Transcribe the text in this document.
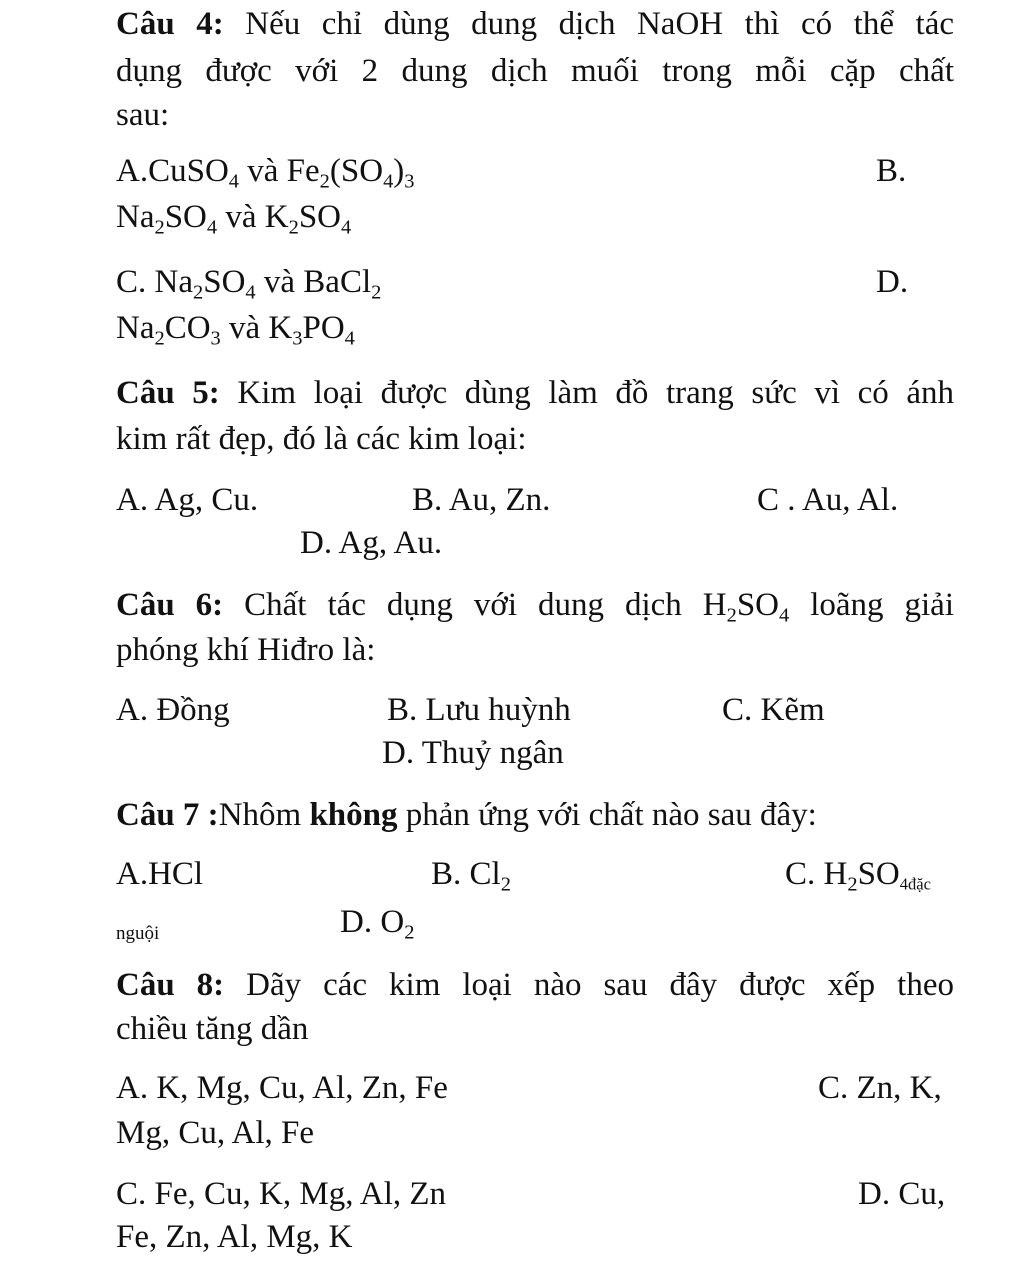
Câu 4: Nếu chỉ dùng dung dịch NaOH thì có thể tác
dụng được với 2 dung dịch muối trong mỗi cặp chất
sau:
A.CuSO$_4$ và $Fe_2(SO_4)_3$	B.
$Na_2SO_4$ và $K_2SO_4$
C. $Na_2SO_4$ và BaCl$_2$	D.
$Na_2CO_3$ và $K_3PO_4$
Câu 5: Kim loại được dùng làm đồ trang sức vì có ánh
kim rất đẹp, đó là các kim loại:
A. Ag, Cu.	B. Au, Zn.	C . Au, Al.
D. Ag, Au.
Câu 6: Chất tác dụng với dung dịch $H_2SO_4$ loãng giải
phóng khí Hiđro là:
A. Đồng	B. Lưu huỳnh	C. Kẽm
D. Thuỷ ngân
Câu 7 :Nhôm không phản ứng với chất nào sau đây:
A.HCl	B. $Cl_2$	C. $H_2SO_{4đặc}$
nguội	D. $O_2$
Câu 8: Dãy các kim loại nào sau đây được xếp theo
chiều tăng dần
A. K, Mg, Cu, Al, Zn, Fe	C. Zn, K,
Mg, Cu, Al, Fe
C. Fe, Cu, K, Mg, Al, Zn	D. Cu,
Fe, Zn, Al, Mg, K
